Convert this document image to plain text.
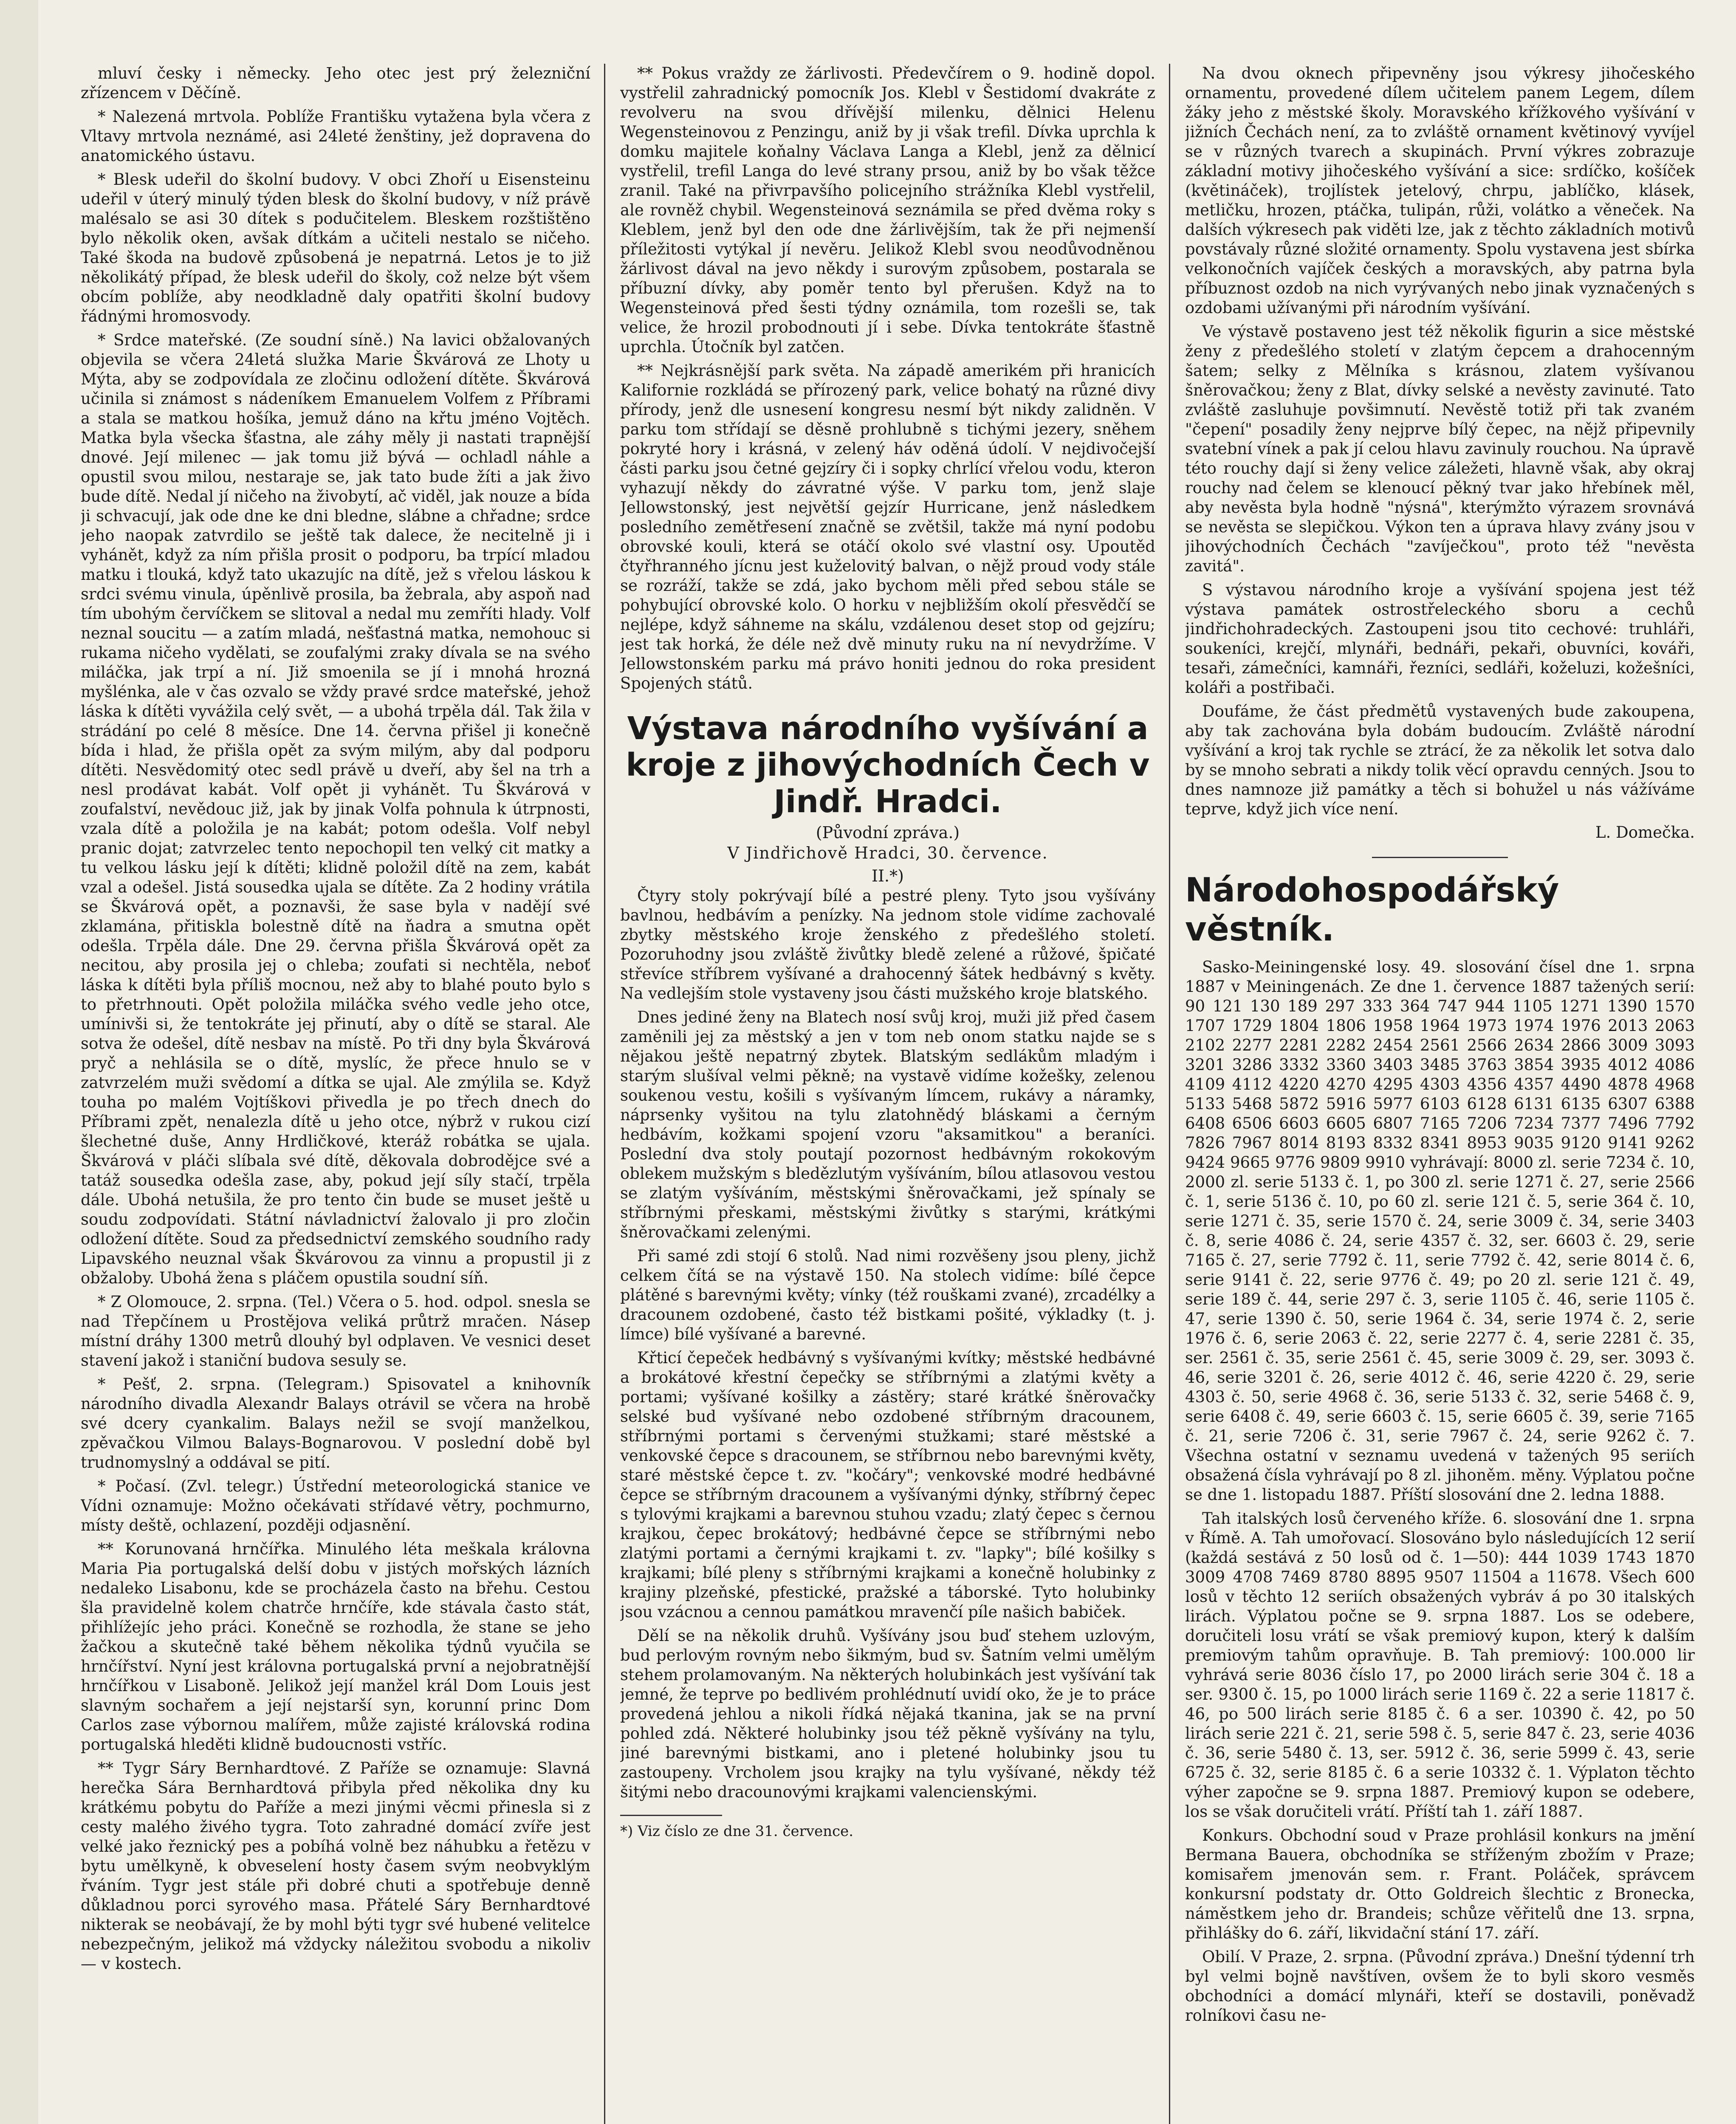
mluví česky i německy. Jeho otec jest prý železniční zřízencem v Děčíně.

* Nalezená mrtvola. Poblíže Františku vytažena byla včera z Vltavy mrtvola neznámé, asi 24leté ženštiny, jež dopravena do anatomického ústavu.

* Blesk udeřil do školní budovy. V obci Zhoří u Eisensteinu udeřil v úterý minulý týden blesk do školní budovy, v níž právě malésalo se asi 30 dítek s podučitelem. Bleskem rozštištěno bylo několik oken, avšak dítkám a učiteli nestalo se ničeho. Také škoda na budově způsobená je nepatrná. Letos je to již několikátý případ, že blesk udeřil do školy, což nelze být všem obcím poblíže, aby neodkladně daly opatřiti školní budovy řádnými hromosvody.

* Srdce mateřské. (Ze soudní síně.) Na lavici obžalovaných objevila se včera 24letá služka Marie Škvárová ze Lhoty u Mýta, aby se zodpovídala ze zločinu odložení dítěte. Škvárová učinila si známost s nádeníkem Emanuelem Volfem z Příbrami a stala se matkou hošíka, jemuž dáno na křtu jméno Vojtěch. Matka byla všecka šťastna, ale záhy měly ji nastati trapnější dnové. Její milenec — jak tomu již bývá — ochladl náhle a opustil svou milou, nestaraje se, jak tato bude žíti a jak živo bude dítě. Nedal jí ničeho na živobytí, ač viděl, jak nouze a bída ji schvacují, jak ode dne ke dni bledne, slábne a chřadne; srdce jeho naopak zatvrdilo se ještě tak dalece, že necitelně ji i vyhánět, když za ním přišla prosit o podporu, ba trpící mladou matku i tlouká, když tato ukazujíc na dítě, jež s vřelou láskou k srdci svému vinula, úpěnlivě prosila, ba žebrala, aby aspoň nad tím ubohým červíčkem se slitoval a nedal mu zemříti hlady. Volf neznal soucitu — a zatím mladá, nešťastná matka, nemohouc si rukama ničeho vydělati, se zoufalými zraky dívala se na svého miláčka, jak trpí a ní. Již smoenila se jí i mnohá hrozná myšlénka, ale v čas ozvalo se vždy pravé srdce mateřské, jehož láska k dítěti vyvážila celý svět, — a ubohá trpěla dál. Tak žila v strádání po celé 8 měsíce. Dne 14. června přišel ji konečně bída i hlad, že přišla opět za svým milým, aby dal podporu dítěti. Nesvědomitý otec sedl právě u dveří, aby šel na trh a nesl prodávat kabát. Volf opět ji vyhánět. Tu Škvárová v zoufalství, nevědouc již, jak by jinak Volfa pohnula k útrpnosti, vzala dítě a položila je na kabát; potom odešla. Volf nebyl pranic dojat; zatvrzelec tento nepochopil ten velký cit matky a tu velkou lásku její k dítěti; klidně položil dítě na zem, kabát vzal a odešel. Jistá sousedka ujala se dítěte. Za 2 hodiny vrátila se Škvárová opět, a poznavši, že sase byla v nadějí své zklamána, přitiskla bolestně dítě na ňadra a smutna opět odešla. Trpěla dále. Dne 29. června přišla Škvárová opět za necitou, aby prosila jej o chleba; zoufati si nechtěla, neboť láska k dítěti byla příliš mocnou, než aby to blahé pouto bylo s to přetrhnouti. Opět položila miláčka svého vedle jeho otce, umínivši si, že tentokráte jej přinutí, aby o dítě se staral. Ale sotva že odešel, dítě nesbav na místě. Po tři dny byla Škvárová pryč a nehlásila se o dítě, myslíc, že přece hnulo se v zatvrzelém muži svědomí a dítka se ujal. Ale zmýlila se. Když touha po malém Vojtíškovi přivedla je po třech dnech do Příbrami zpět, nenalezla dítě u jeho otce, nýbrž v rukou cizí šlechetné duše, Anny Hrdličkové, kteráž robátka se ujala. Škvárová v pláči slíbala své dítě, děkovala dobrodějce své a tatáž sousedka odešla zase, aby, pokud její síly stačí, trpěla dále. Ubohá netušila, že pro tento čin bude se muset ještě u soudu zodpovídati. Státní návladnictví žalovalo ji pro zločin odložení dítěte. Soud za předsednictví zemského soudního rady Lipavského neuznal však Škvárovou za vinnu a propustil ji z obžaloby. Ubohá žena s pláčem opustila soudní síň.

* Z Olomouce, 2. srpna. (Tel.) Včera o 5. hod. odpol. snesla se nad Třepčínem u Prostějova veliká průtrž mračen. Násep místní dráhy 1300 metrů dlouhý byl odplaven. Ve vesnici deset stavení jakož i staniční budova sesuly se.

* Pešť, 2. srpna. (Telegram.) Spisovatel a knihovník národního divadla Alexandr Balays otrávil se včera na hrobě své dcery cyankalim. Balays nežil se svojí manželkou, zpěvačkou Vilmou Balays-Bognarovou. V poslední době byl trudnomyslný a oddával se pití.

* Počasí. (Zvl. telegr.) Ústřední meteorologická stanice ve Vídni oznamuje: Možno očekávati střídavé větry, pochmurno, místy deště, ochlazení, později odjasnění.

** Korunovaná hrnčířka. Minulého léta meškala královna Maria Pia portugalská delší dobu v jistých mořských lázních nedaleko Lisabonu, kde se procházela často na břehu. Cestou šla pravidelně kolem chatrče hrnčíře, kde stávala často stát, přihlížejíc jeho práci. Konečně se rozhodla, že stane se jeho žačkou a skutečně také během několika týdnů vyučila se hrnčířství. Nyní jest královna portugalská první a nejobratnější hrnčířkou v Lisaboně. Jelikož její manžel král Dom Louis jest slavným sochařem a její nejstarší syn, korunní princ Dom Carlos zase výbornou malířem, může zajisté královská rodina portugalská hleděti klidně budoucnosti vstříc.

** Tygr Sáry Bernhardtové. Z Paříže se oznamuje: Slavná herečka Sára Bernhardtová přibyla před několika dny ku krátkému pobytu do Paříže a mezi jinými věcmi přinesla si z cesty malého živého tygra. Toto zahradné domácí zvíře jest velké jako řeznický pes a pobíhá volně bez náhubku a řetězu v bytu umělkyně, k obveselení hosty časem svým neobvyklým řváním. Tygr jest stále při dobré chuti a spotřebuje denně důkladnou porci syrového masa. Přátelé Sáry Bernhardtové nikterak se neobávají, že by mohl býti tygr své hubené velitelce nebezpečným, jelikož má vždycky náležitou svobodu a nikoliv — v kostech.

** Pokus vraždy ze žárlivosti. Předevčírem o 9. hodině dopol. vystřelil zahradnický pomocník Jos. Klebl v Šestidomí dvakráte z revolveru na svou dřívější milenku, dělnici Helenu Wegensteinovou z Penzingu, aniž by ji však trefil. Dívka uprchla k domku majitele koňalny Václava Langa a Klebl, jenž za dělnicí vystřelil, trefil Langa do levé strany prsou, aniž by bo však těžce zranil. Také na přivrpavšího policejního strážníka Klebl vystřelil, ale rovněž chybil. Wegensteinová seznámila se před dvěma roky s Kleblem, jenž byl den ode dne žárlivějším, tak že při nejmenší příležitosti vytýkal jí nevěru. Jelikož Klebl svou neodůvodněnou žárlivost dával na jevo někdy i surovým způsobem, postarala se příbuzní dívky, aby poměr tento byl přerušen. Když na to Wegensteinová před šesti týdny oznámila, tom rozešli se, tak velice, že hrozil probodnouti jí i sebe. Dívka tentokráte šťastně uprchla. Útočník byl zatčen.

** Nejkrásnější park světa. Na západě amerikém při hranicích Kalifornie rozkládá se přírozený park, velice bohatý na různé divy přírody, jenž dle usnesení kongresu nesmí být nikdy zalidněn. V parku tom střídají se děsně prohlubně s tichými jezery, sněhem pokryté hory i krásná, v zelený háv oděná údolí. V nejdivočejší části parku jsou četné gejzíry či i sopky chrlící vřelou vodu, kteron vyhazují někdy do závratné výše. V parku tom, jenž slaje Jellowstonský, jest největší gejzír Hurricane, jenž následkem posledního zemětřesení značně se zvětšil, takže má nyní podobu obrovské kouli, která se otáčí okolo své vlastní osy. Upoutěd čtyřhranného jícnu jest kuželovitý balvan, o nějž proud vody stále se rozráží, takže se zdá, jako bychom měli před sebou stále se pohybující obrovské kolo. O horku v nejbližším okolí přesvědčí se nejlépe, když sáhneme na skálu, vzdálenou deset stop od gejzíru; jest tak horká, že déle než dvě minuty ruku na ní nevydržíme. V Jellowstonském parku má právo honiti jednou do roka president Spojených států.

Výstava národního vyšívání a kroje z jihovýchodních Čech v Jindř. Hradci.
(Původní zpráva.)
V Jindřichově Hradci, 30. července.
II.*)

Čtyry stoly pokrývají bílé a pestré pleny. Tyto jsou vyšívány bavlnou, hedbávím a penízky. Na jednom stole vidíme zachovalé zbytky městského kroje ženského z předešlého století. Pozoruhodny jsou zvláště živůtky bledě zelené a růžové, špičaté střevíce stříbrem vyšívané a drahocenný šátek hedbávný s květy. Na vedlejším stole vystaveny jsou části mužského kroje blatského.

Dnes jediné ženy na Blatech nosí svůj kroj, muži již před časem zaměnili jej za městský a jen v tom neb onom statku najde se s nějakou ještě nepatrný zbytek. Blatským sedlákům mladým i starým slušíval velmi pěkně; na vystavě vidíme kožešky, zelenou soukenou vestu, košili s vyšívaným límcem, rukávy a náramky, náprsenky vyšitou na tylu zlatohnědý bláskami a černým hedbávím, kožkami spojení vzoru "aksamitkou" a beraníci. Poslední dva stoly poutají pozornost hedbávným rokokovým oblekem mužským s bledězlutým vyšíváním, bílou atlasovou vestou se zlatým vyšíváním, městskými šněrovačkami, jež spínaly se stříbrnými přeskami, městskými živůtky s starými, krátkými šněrovačkami zelenými.

Při samé zdi stojí 6 stolů. Nad nimi rozvěšeny jsou pleny, jichž celkem čítá se na výstavě 150. Na stolech vidíme: bílé čepce plátěné s barevnými květy; vínky (též rouškami zvané), zrcadélky a dracounem ozdobené, často též bistkami pošité, výkladky (t. j. límce) bílé vyšívané a barevné.

Křticí čepeček hedbávný s vyšívanými kvítky; městské hedbávné a brokátové křestní čepečky se stříbrnými a zlatými květy a portami; vyšívané košilky a zástěry; staré krátké šněrovačky selské bud vyšívané nebo ozdobené stříbrným dracounem, stříbrnými portami s červenými stužkami; staré městské a venkovské čepce s dracounem, se stříbrnou nebo barevnými květy, staré městské čepce t. zv. "kočáry"; venkovské modré hedbávné čepce se stříbrným dracounem a vyšívanými dýnky, stříbrný čepec s tylovými krajkami a barevnou stuhou vzadu; zlatý čepec s černou krajkou, čepec brokátový; hedbávné čepce se stříbrnými nebo zlatými portami a černými krajkami t. zv. "lapky"; bílé košilky s krajkami; bílé pleny s stříbrnými krajkami a konečně holubinky z krajiny plzeňské, pfestické, pražské a táborské. Tyto holubinky jsou vzácnou a cennou památkou mravenčí píle našich babiček.

Dělí se na několik druhů. Vyšívány jsou buď stehem uzlovým, bud perlovým rovným nebo šikmým, bud sv. Šatním velmi umělým stehem prolamovaným. Na některých holubinkách jest vyšívání tak jemné, že teprve po bedlivém prohlédnutí uvidí oko, že je to práce provedená jehlou a nikoli řídká nějaká tkanina, jak se na první pohled zdá. Některé holubinky jsou též pěkně vyšívány na tylu, jiné barevnými bistkami, ano i pletené holubinky jsou tu zastoupeny. Vrcholem jsou krajky na tylu vyšívané, někdy též šitými nebo dracounovými krajkami valencienskými.

*) Viz číslo ze dne 31. července.

Na dvou oknech připevněny jsou výkresy jihočeského ornamentu, provedené dílem učitelem panem Legem, dílem žáky jeho z městské školy. Moravského křížkového vyšívání v jižních Čechách není, za to zvláště ornament květinový vyvíjel se v různých tvarech a skupinách. První výkres zobrazuje základní motivy jihočeského vyšívání a sice: srdíčko, košíček (květináček), trojlístek jetelový, chrpu, jablíčko, klásek, metličku, hrozen, ptáčka, tulipán, růži, volátko a věneček. Na dalších výkresech pak viděti lze, jak z těchto základních motivů povstávaly různé složité ornamenty. Spolu vystavena jest sbírka velkonočních vajíček českých a moravských, aby patrna byla příbuznost ozdob na nich vyrývaných nebo jinak vyznačených s ozdobami užívanými při národním vyšívání.

Ve výstavě postaveno jest též několik figurin a sice městské ženy z předešlého století v zlatým čepcem a drahocenným šatem; selky z Mělníka s krásnou, zlatem vyšívanou šněrovačkou; ženy z Blat, dívky selské a nevěsty zavinuté. Tato zvláště zasluhuje povšimnutí. Nevěstě totiž při tak zvaném "čepení" posadily ženy nejprve bílý čepec, na nějž připevnily svatební vínek a pak jí celou hlavu zavinuly rouchou. Na úpravě této rouchy dají si ženy velice záležeti, hlavně však, aby okraj rouchy nad čelem se klenoucí pěkný tvar jako hřebínek měl, aby nevěsta byla hodně "nýsná", kterýmžto výrazem srovnává se nevěsta se slepičkou. Výkon ten a úprava hlavy zvány jsou v jihovýchodních Čechách "zavíječkou", proto též "nevěsta zavitá".

S výstavou národního kroje a vyšívání spojena jest též výstava památek ostrostřeleckého sboru a cechů jindřichohradeckých. Zastoupeni jsou tito cechové: truhláři, soukeníci, krejčí, mlynáři, bednáři, pekaři, obuvníci, kováři, tesaři, zámečníci, kamnáři, řezníci, sedláři, koželuzi, kožešníci, koláři a postřibači.

Doufáme, že část předmětů vystavených bude zakoupena, aby tak zachována byla dobám budoucím. Zvláště národní vyšívání a kroj tak rychle se ztrácí, že za několik let sotva dalo by se mnoho sebrati a nikdy tolik věcí opravdu cenných. Jsou to dnes namnoze již památky a těch si bohužel u nás vážíváme teprve, když jich více není.

L. Domečka.
Národohospodářský věstník.

Sasko-Meiningenské losy. 49. slosování čísel dne 1. srpna 1887 v Meiningenách. Ze dne 1. července 1887 tažených serií: 90 121 130 189 297 333 364 747 944 1105 1271 1390 1570 1707 1729 1804 1806 1958 1964 1973 1974 1976 2013 2063 2102 2277 2281 2282 2454 2561 2566 2634 2866 3009 3093 3201 3286 3332 3360 3403 3485 3763 3854 3935 4012 4086 4109 4112 4220 4270 4295 4303 4356 4357 4490 4878 4968 5133 5468 5872 5916 5977 6103 6128 6131 6135 6307 6388 6408 6506 6603 6605 6807 7165 7206 7234 7377 7496 7792 7826 7967 8014 8193 8332 8341 8953 9035 9120 9141 9262 9424 9665 9776 9809 9910 vyhrávají: 8000 zl. serie 7234 č. 10, 2000 zl. serie 5133 č. 1, po 300 zl. serie 1271 č. 27, serie 2566 č. 1, serie 5136 č. 10, po 60 zl. serie 121 č. 5, serie 364 č. 10, serie 1271 č. 35, serie 1570 č. 24, serie 3009 č. 34, serie 3403 č. 8, serie 4086 č. 24, serie 4357 č. 32, ser. 6603 č. 29, serie 7165 č. 27, serie 7792 č. 11, serie 7792 č. 42, serie 8014 č. 6, serie 9141 č. 22, serie 9776 č. 49; po 20 zl. serie 121 č. 49, serie 189 č. 44, serie 297 č. 3, serie 1105 č. 46, serie 1105 č. 47, serie 1390 č. 50, serie 1964 č. 34, serie 1974 č. 2, serie 1976 č. 6, serie 2063 č. 22, serie 2277 č. 4, serie 2281 č. 35, ser. 2561 č. 35, serie 2561 č. 45, serie 3009 č. 29, ser. 3093 č. 46, serie 3201 č. 26, serie 4012 č. 46, serie 4220 č. 29, serie 4303 č. 50, serie 4968 č. 36, serie 5133 č. 32, serie 5468 č. 9, serie 6408 č. 49, serie 6603 č. 15, serie 6605 č. 39, serie 7165 č. 21, serie 7206 č. 31, serie 7967 č. 24, serie 9262 č. 7. Všechna ostatní v seznamu uvedená v tažených 95 seriích obsažená čísla vyhrávají po 8 zl. jihoněm. měny. Výplatou počne se dne 1. listopadu 1887. Příští slosování dne 2. ledna 1888.

Tah italských losů červeného kříže. 6. slosování dne 1. srpna v Římě. A. Tah umořovací. Slosováno bylo následujících 12 serií (každá sestává z 50 losů od č. 1—50): 444 1039 1743 1870 3009 4708 7469 8780 8895 9507 11504 a 11678. Všech 600 losů v těchto 12 seriích obsažených vybráv á po 30 italských lirách. Výplatou počne se 9. srpna 1887. Los se odebere, doručiteli losu vrátí se však premiový kupon, který k dalším premiovým tahům opravňuje. B. Tah premiový: 100.000 lir vyhrává serie 8036 číslo 17, po 2000 lirách serie 304 č. 18 a ser. 9300 č. 15, po 1000 lirách serie 1169 č. 22 a serie 11817 č. 46, po 500 lirách serie 8185 č. 6 a ser. 10390 č. 42, po 50 lirách serie 221 č. 21, serie 598 č. 5, serie 847 č. 23, serie 4036 č. 36, serie 5480 č. 13, ser. 5912 č. 36, serie 5999 č. 43, serie 6725 č. 32, serie 8185 č. 6 a serie 10332 č. 1. Výplaton těchto výher započne se 9. srpna 1887. Premiový kupon se odebere, los se však doručiteli vrátí. Příští tah 1. září 1887.

Konkurs. Obchodní soud v Praze prohlásil konkurs na jmění Bermana Bauera, obchodníka se stříženým zbožím v Praze; komisařem jmenován sem. r. Frant. Poláček, správcem konkursní podstaty dr. Otto Goldreich šlechtic z Bronecka, náměstkem jeho dr. Brandeis; schůze věřitelů dne 13. srpna, přihlášky do 6. září, likvidační stání 17. září.

Obilí. V Praze, 2. srpna. (Původní zpráva.) Dnešní týdenní trh byl velmi bojně navštíven, ovšem že to byli skoro vesměs obchodníci a domácí mlynáři, kteří se dostavili, poněvadž rolníkovi času ne-
